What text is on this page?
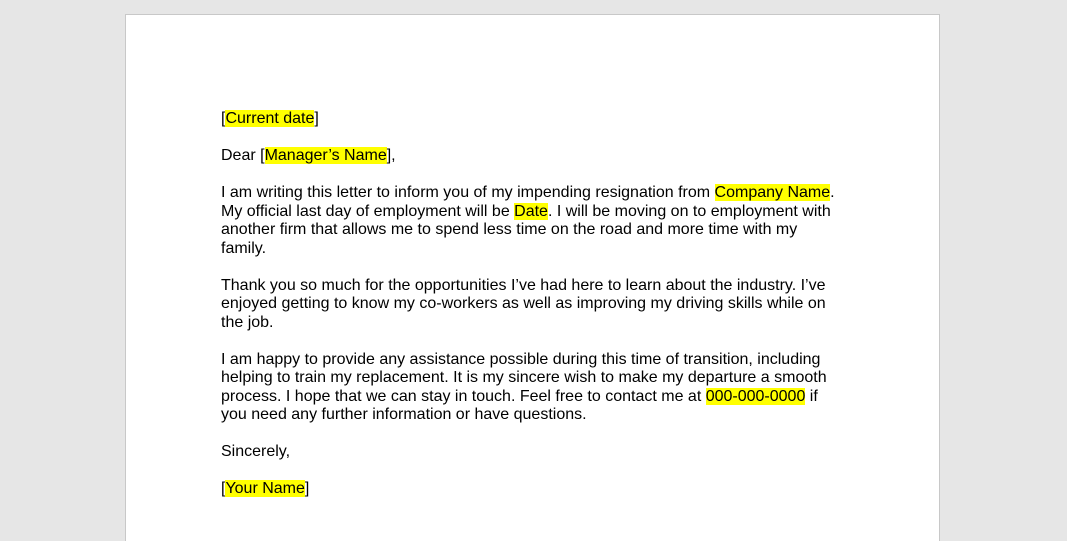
[Current date]

Dear [Manager’s Name],

I am writing this letter to inform you of my impending resignation from Company Name. My official last day of employment will be Date. I will be moving on to employment with another firm that allows me to spend less time on the road and more time with my family.

Thank you so much for the opportunities I’ve had here to learn about the industry. I’ve enjoyed getting to know my co-workers as well as improving my driving skills while on the job.

I am happy to provide any assistance possible during this time of transition, including helping to train my replacement. It is my sincere wish to make my departure a smooth process. I hope that we can stay in touch. Feel free to contact me at 000-000-0000 if you need any further information or have questions.

Sincerely,

[Your Name]
